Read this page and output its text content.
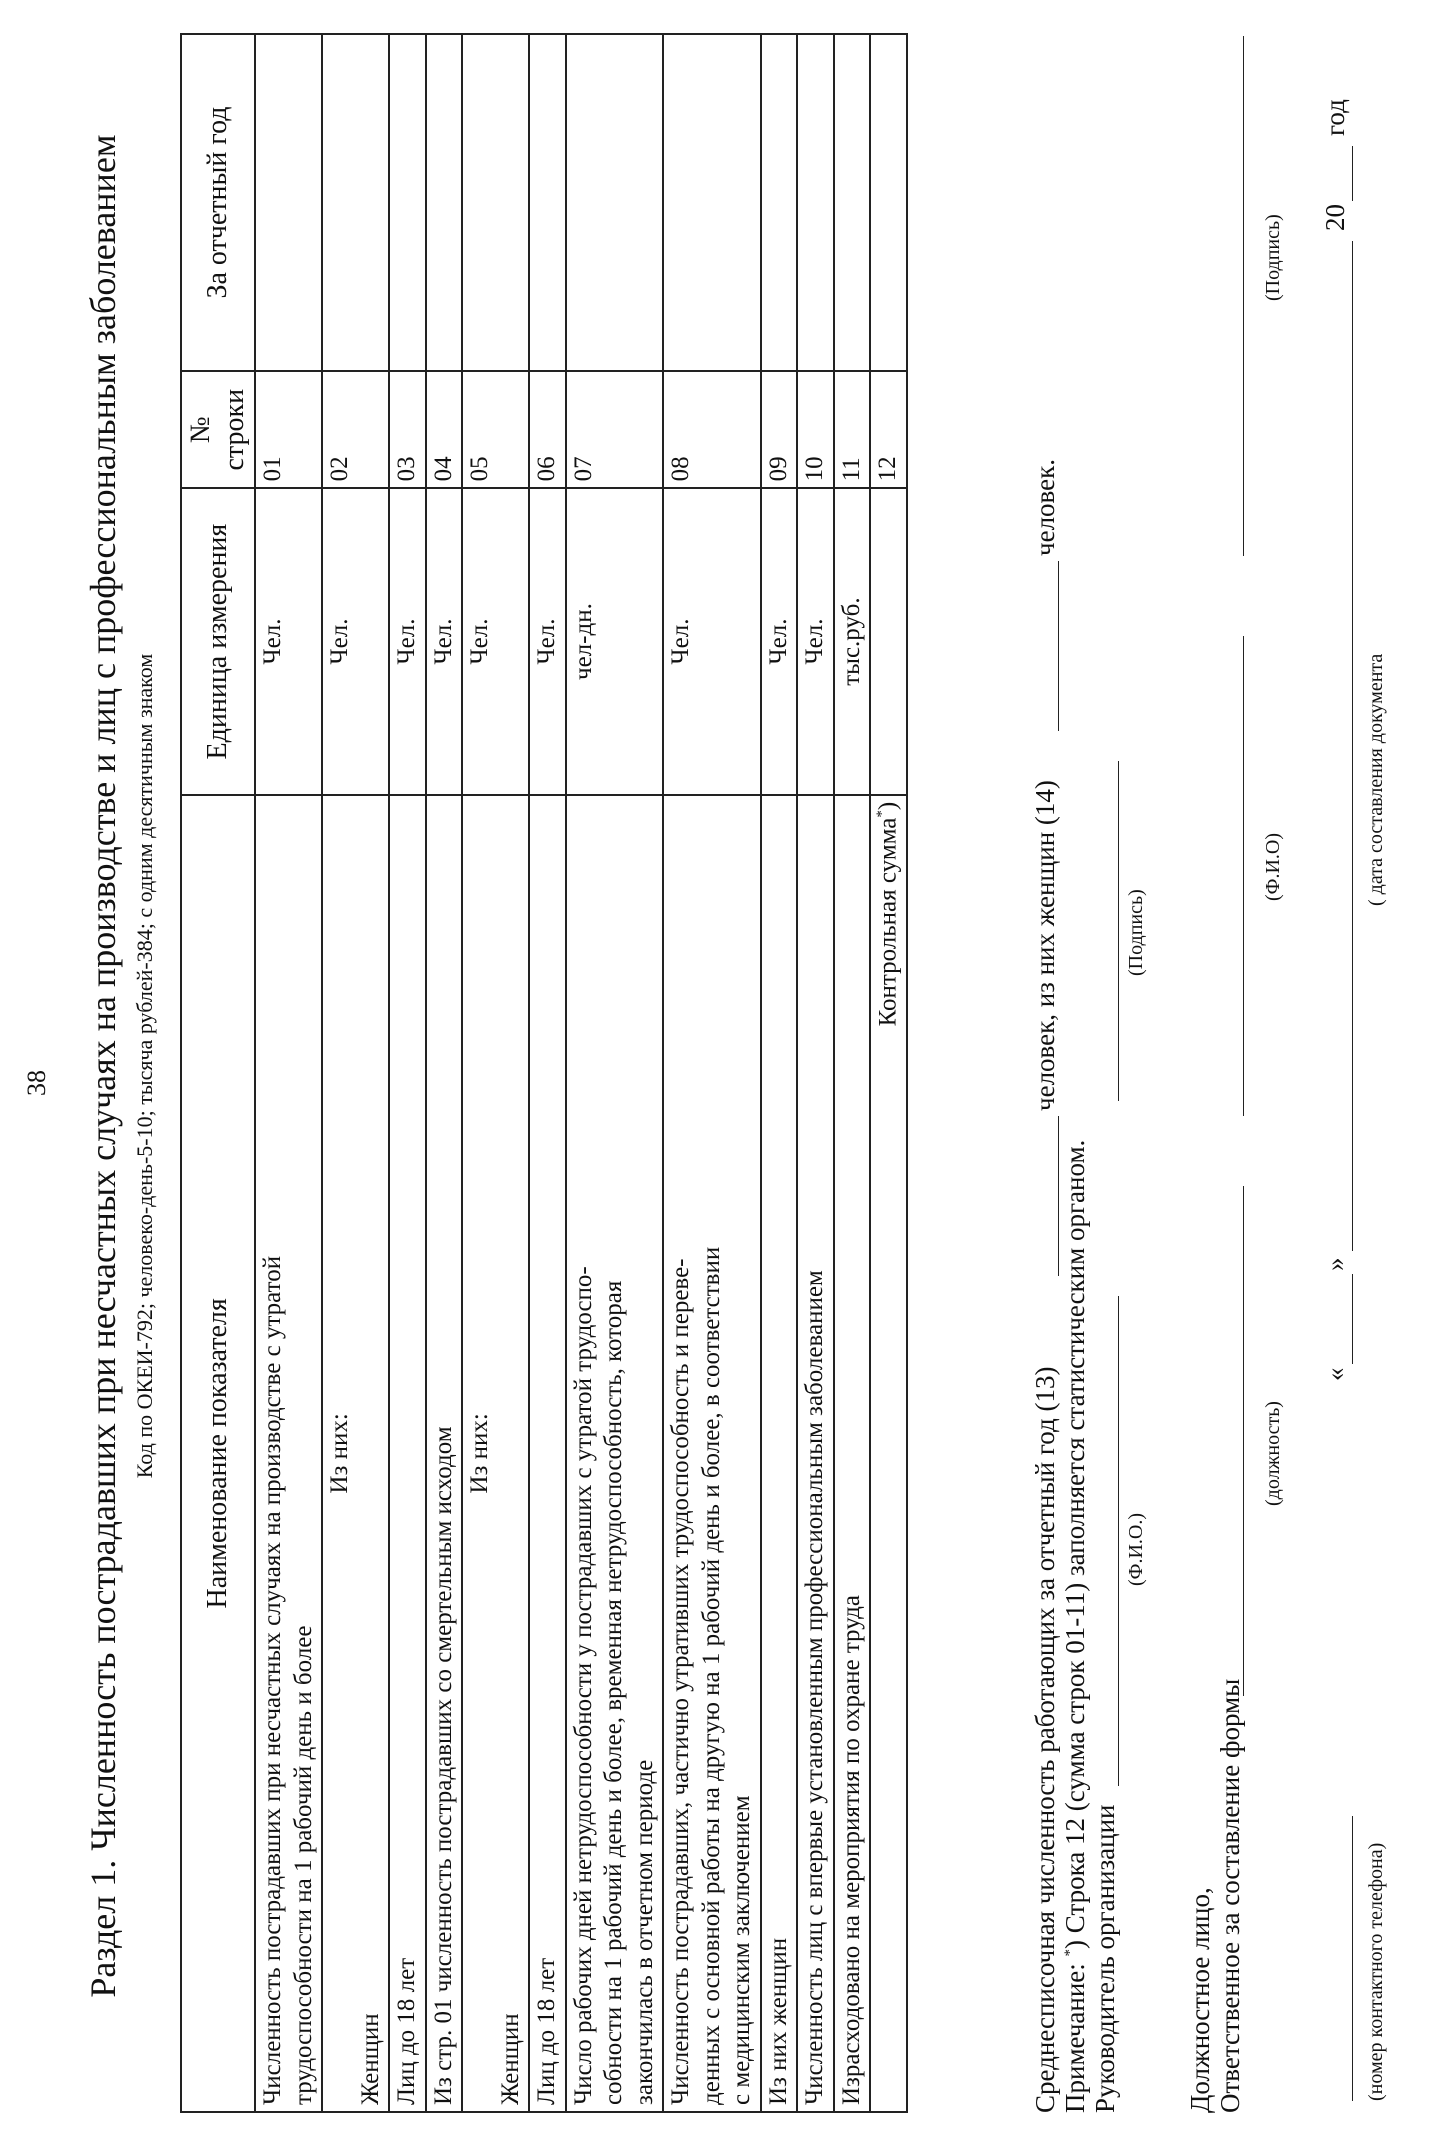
38 Раздел 1. Численность пострадавших при несчастных случаях на производстве и лиц с профессиональным заболеванием Код по ОКЕИ-792; человеко-день-5-10; тысяча рублей-384; с одним десятичным знаком Наименование показателя	Единица измерения	№ строки	За отчетный год

Численность пострадавших при несчастных случаях на производстве с утратой трудоспособности на 1 рабочий день и более	Чел.	01	

Из них:
Женщин	Чел.	02	
Лиц до 18 лет	Чел.	03	
Из стр. 01 численность пострадавших со смертельным исходом	Чел.	04	

Из них:
Женщин	Чел.	05	
Лиц до 18 лет	Чел.	06	

Число рабочих дней нетрудоспособности у пострадавших с утратой трудоспо- собности на 1 рабочий день и более, временная нетрудоспособность, которая закончилась в отчетном периоде	чел-дн.	07	

Численность пострадавших, частично утративших трудоспособность и переве- денных с основной работы на другую на 1 рабочий день и более, в соответствии с медицинским заключением	Чел.	08	
Из них женщин	Чел.	09	
Численность лиц с впервые установленным профессиональным заболеванием	Чел.	10	
Израсходовано на мероприятия по охране труда	тыс.руб.	11	
Контрольная сумма*)		12	
Среднесписочная численность работающих за отчетный год (13)
человек, из них женщин (14)
человек.
Примечание: *) Строка 12 (сумма строк 01-11) заполняется статистическим органом.
Руководитель организации
(Ф.И.О.)
(Подпись)
Должностное лицо, Ответственное за составление формы
(должность)
(Ф.И.О)
(Подпись)
«
»
20
год
(номер контактного телефона)
( дата составления документа
